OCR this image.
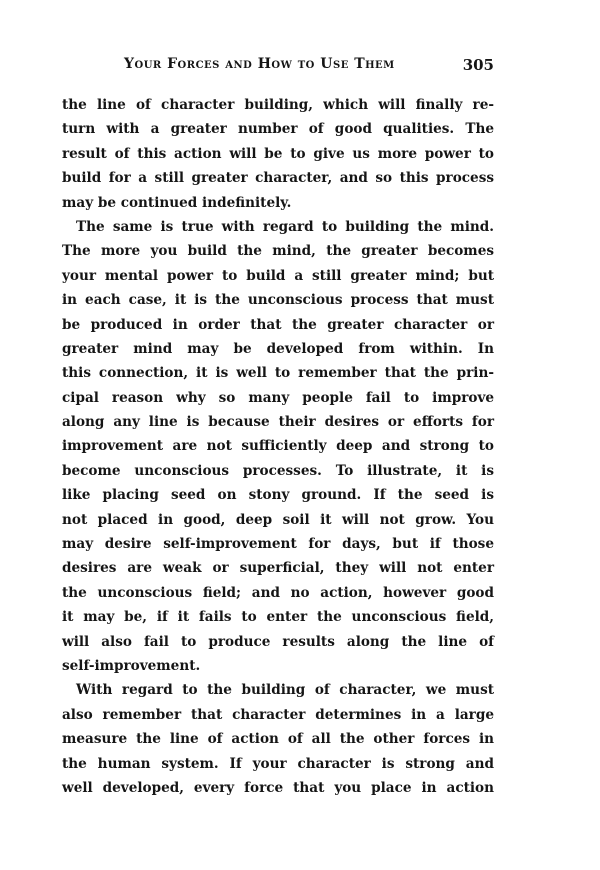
Your Forces and How to Use Them	305
the line of character building, which will finally re-
turn with a greater number of good qualities. The
result of this action will be to give us more power to
build for a still greater character, and so this process
may be continued indefinitely.
The same is true with regard to building the mind.
The more you build the mind, the greater becomes
your mental power to build a still greater mind; but
in each case, it is the unconscious process that must
be produced in order that the greater character or
greater mind may be developed from within. In
this connection, it is well to remember that the prin-
cipal reason why so many people fail to improve
along any line is because their desires or efforts for
improvement are not sufficiently deep and strong to
become unconscious processes. To illustrate, it is
like placing seed on stony ground. If the seed is
not placed in good, deep soil it will not grow. You
may desire self-improvement for days, but if those
desires are weak or superficial, they will not enter
the unconscious field; and no action, however good
it may be, if it fails to enter the unconscious field,
will also fail to produce results along the line of
self-improvement.
With regard to the building of character, we must
also remember that character determines in a large
measure the line of action of all the other forces in
the human system. If your character is strong and
well developed, every force that you place in action
